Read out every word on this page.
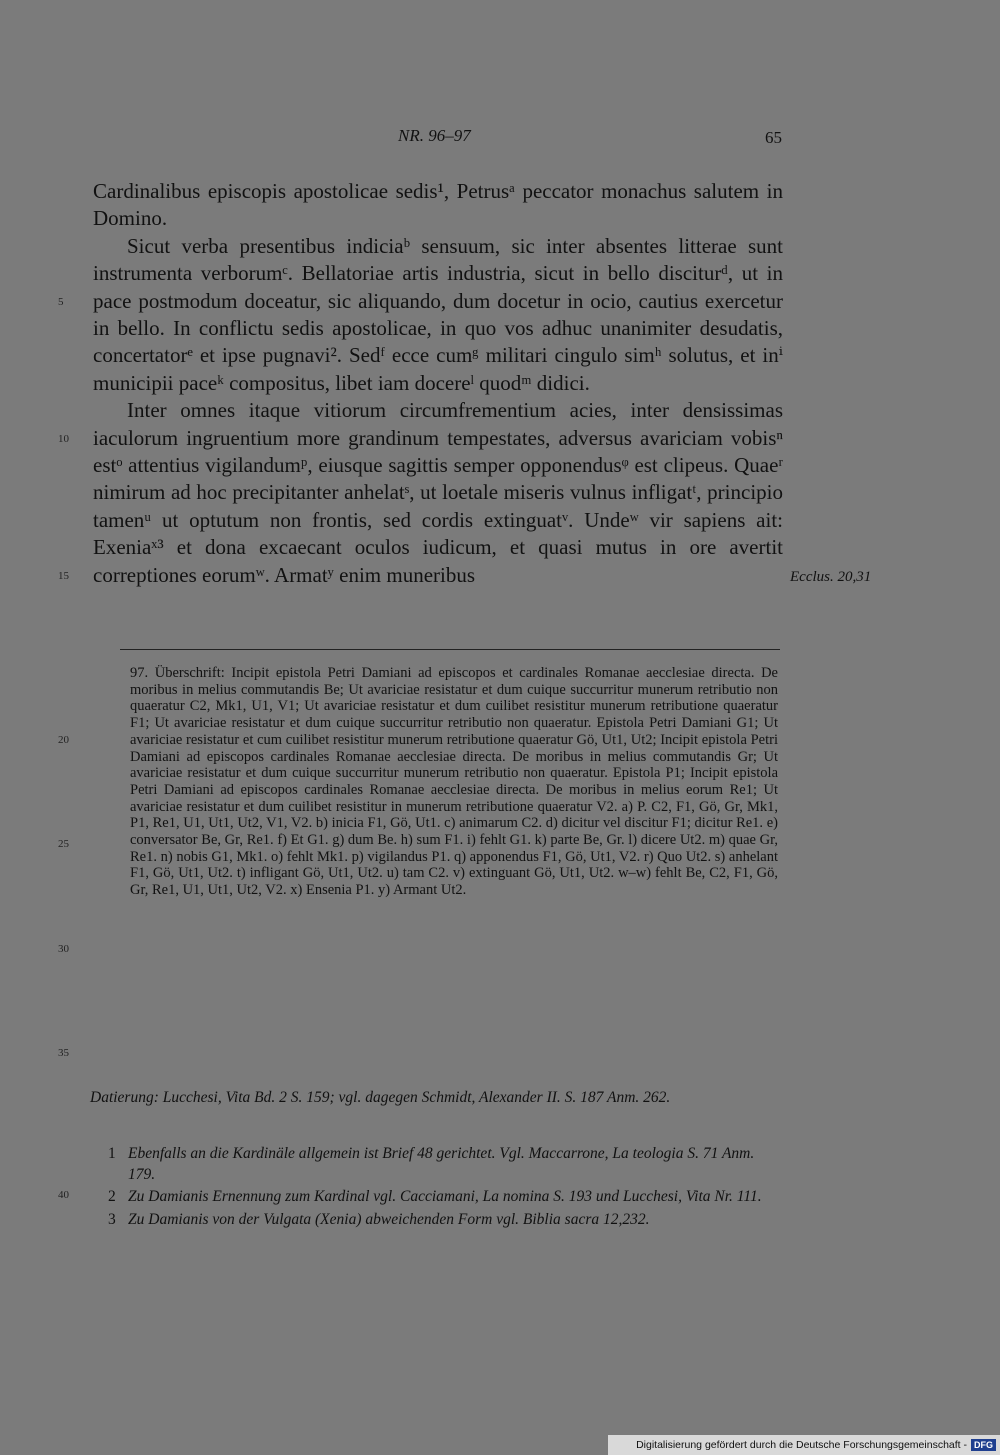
NR. 96–97	65

Cardinalibus episcopis apostolicae sedis¹, Petrusᵃ peccator monachus salutem in Domino.

Sicut verba presentibus indiciaᵇ sensuum, sic inter absentes litterae sunt instrumenta verborumᶜ. Bellatoriae artis industria, sicut in bello disciturᵈ, ut in pace postmodum doceatur, sic aliquando, dum docetur in ocio, cautius exercetur in bello. In conflictu sedis apostolicae, in quo vos adhuc unanimiter desudatis, concertatorᵉ et ipse pugnavi². Sedᶠ ecce cumᵍ militari cingulo simʰ solutus, et inⁱ municipii paceᵏ compositus, libet iam docereˡ quodᵐ didici.

Inter omnes itaque vitiorum circumfrementium acies, inter densissimas iaculorum ingruentium more grandinum tempestates, adversus avariciam vobisⁿ estᵒ attentius vigilandumᵖ, eiusque sagittis semper opponendusᵠ est clipeus. Quaeʳ nimirum ad hoc precipitanter anhelatˢ, ut loetale miseris vulnus infligatᵗ, principio tamenᵘ ut optutum non frontis, sed cordis extinguatᵛ. Undeʷ vir sapiens ait: Exeniaˣ³ et dona excaecant oculos iudicum, et quasi mutus in ore avertit correptiones eorumʷ. Armatʸ enim muneribus

5
10
15
20
25
30
35
40
Ecclus. 20,31

97. Überschrift: Incipit epistola Petri Damiani ad episcopos et cardinales Romanae aecclesiae directa. De moribus in melius commutandis Be; Ut avariciae resistatur et dum cuique succurritur munerum retributio non quaeratur C2, Mk1, U1, V1; Ut avariciae resistatur et dum cuilibet resistitur munerum retributione quaeratur F1; Ut avariciae resistatur et dum cuique succurritur retributio non quaeratur. Epistola Petri Damiani G1; Ut avariciae resistatur et cum cuilibet resistitur munerum retributione quaeratur Gö, Ut1, Ut2; Incipit epistola Petri Damiani ad episcopos cardinales Romanae aecclesiae directa. De moribus in melius commutandis Gr; Ut avariciae resistatur et dum cuique succurritur munerum retributio non quaeratur. Epistola P1; Incipit epistola Petri Damiani ad episcopos cardinales Romanae aecclesiae directa. De moribus in melius eorum Re1; Ut avariciae resistatur et dum cuilibet resistitur in munerum retributione quaeratur V2. a) P. C2, F1, Gö, Gr, Mk1, P1, Re1, U1, Ut1, Ut2, V1, V2. b) inicia F1, Gö, Ut1. c) animarum C2. d) dicitur vel discitur F1; dicitur Re1. e) conversator Be, Gr, Re1. f) Et G1. g) dum Be. h) sum F1. i) fehlt G1. k) parte Be, Gr. l) dicere Ut2. m) quae Gr, Re1. n) nobis G1, Mk1. o) fehlt Mk1. p) vigilandus P1. q) apponendus F1, Gö, Ut1, V2. r) Quo Ut2. s) anhelant F1, Gö, Ut1, Ut2. t) infligant Gö, Ut1, Ut2. u) tam C2. v) extinguant Gö, Ut1, Ut2. w–w) fehlt Be, C2, F1, Gö, Gr, Re1, U1, Ut1, Ut2, V2. x) Ensenia P1. y) Armant Ut2.

Datierung: Lucchesi, Vita Bd. 2 S. 159; vgl. dagegen Schmidt, Alexander II. S. 187 Anm. 262.
1 Ebenfalls an die Kardinäle allgemein ist Brief 48 gerichtet. Vgl. Maccarrone, La teologia S. 71 Anm. 179.
2 Zu Damianis Ernennung zum Kardinal vgl. Cacciamani, La nomina S. 193 und Lucchesi, Vita Nr. 111.
3 Zu Damianis von der Vulgata (Xenia) abweichenden Form vgl. Biblia sacra 12,232.
Digitalisierung gefördert durch die Deutsche Forschungsgemeinschaft - DFG
